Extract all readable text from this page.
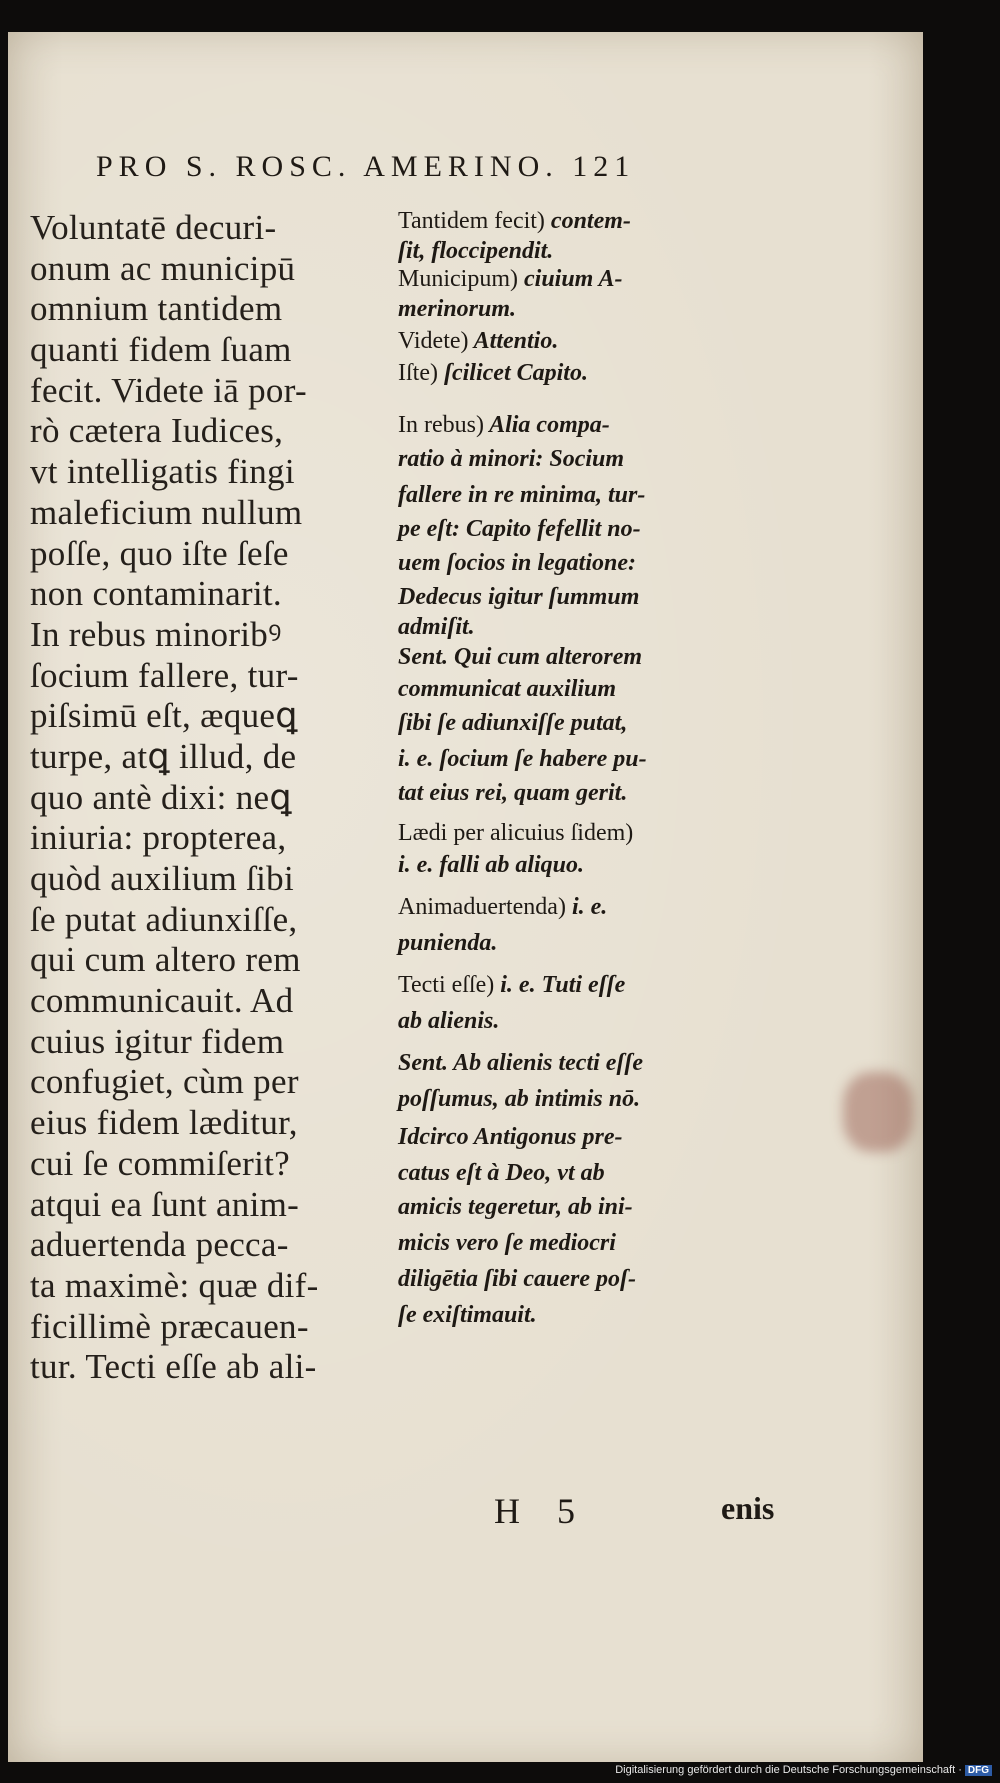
PRO S. ROSC. AMERINO. 121
Voluntatē decuri-
onum ac municipū
omnium tantidem
quanti fidem ſuam
fecit. Videte iā por-
rò cætera Iudices,
vt intelligatis fingi
maleficium nullum
poſſe, quo iſte ſeſe
non contaminarit.
In rebus minoribꝰ
ſocium fallere, tur-
piſsimū eſt, æqueꝗ
turpe, atꝗ illud, de
quo antè dixi: neꝗ
iniuria: propterea,
quòd auxilium ſibi
ſe putat adiunxiſſe,
qui cum altero rem
communicauit. Ad
cuius igitur fidem
confugiet, cùm per
eius fidem læditur,
cui ſe commiſerit?
atqui ea ſunt anim-
aduertenda pecca-
ta maximè: quæ dif-
ficillimè præcauen-
tur. Tecti eſſe ab ali-
Tantidem fecit) contem-
ſit, floccipendit.
Municipum) ciuium A-
merinorum.
Videte) Attentio.
Iſte) ſcilicet Capito.
In rebus) Alia compa-
ratio à minori: Socium
fallere in re minima, tur-
pe eſt: Capito fefellit no-
uem ſocios in legatione:
Dedecus igitur ſummum
admiſit.
Sent. Qui cum alterorem
communicat auxilium
ſibi ſe adiunxiſſe putat,
i. e. ſocium ſe habere pu-
tat eius rei, quam gerit.
Lædi per alicuius ſidem)
i. e. falli ab aliquo.
Animaduertenda) i. e.
punienda.
Tecti eſſe) i. e. Tuti eſſe
ab alienis.
Sent. Ab alienis tecti eſſe
poſſumus, ab intimis nō.
Idcirco Antigonus pre-
catus eſt à Deo, vt ab
amicis tegeretur, ab ini-
micis vero ſe mediocri
diligētia ſibi cauere poſ-
ſe exiſtimauit.
H 5	enis
Digitalisierung gefördert durch die Deutsche Forschungsgemeinschaft · DFG
